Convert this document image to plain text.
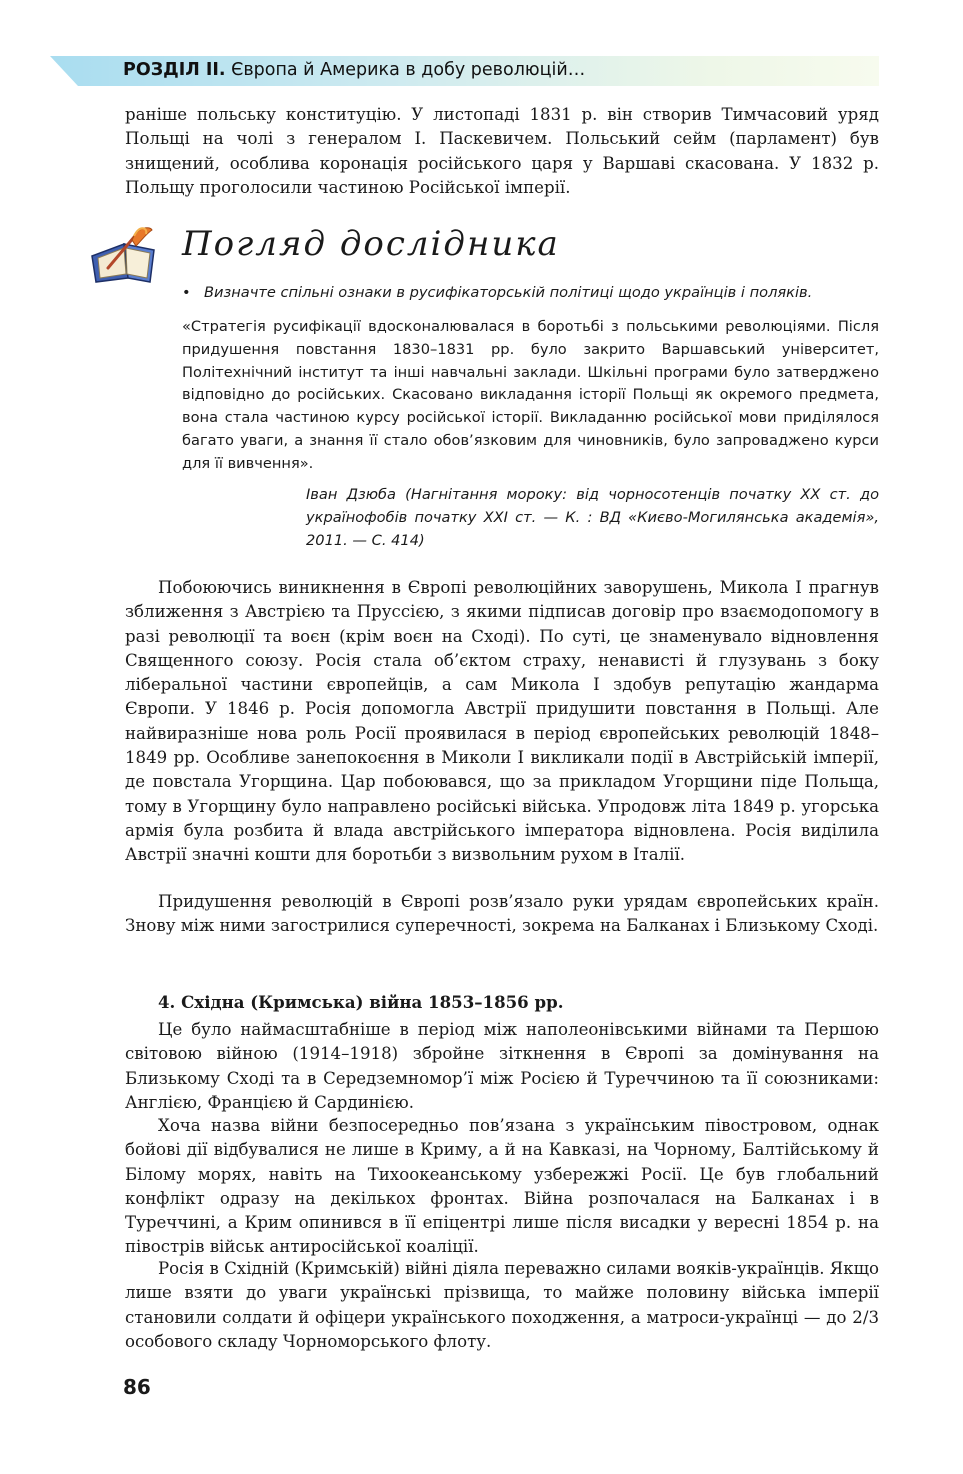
РОЗДІЛ ІІ. Європа й Америка в добу революцій…

раніше польську конституцію. У листопаді 1831 р. він створив Тимчасовий уряд Польщі на чолі з генералом І. Паскевичем. Польський сейм (парламент) був знищений, особлива коронація російського царя у Варшаві скасована. У 1832 р. Польщу проголосили частиною Російської імперії.

Погляд дослідника
• Визначте спільні ознаки в русифікаторській політиці щодо українців і поляків.

«Стратегія русифікації вдосконалювалася в боротьбі з польськими революціями. Після придушення повстання 1830–1831 рр. було закрито Варшавський університет, Політехнічний інститут та інші навчальні заклади. Шкільні програми було затверджено відповідно до російських. Скасовано викладання історії Польщі як окремого предмета, вона стала частиною курсу російської історії. Викладанню російської мови приділялося багато уваги, а знання її стало обов’язковим для чиновників, було запроваджено курси для її вивчення».

Іван Дзюба (Нагнітання мороку: від чорносотенців початку ХХ ст. до українофобів початку ХХІ ст. — К. : ВД «Києво-Могилянська академія», 2011. — С. 414)

Побоюючись виникнення в Європі революційних заворушень, Микола І прагнув зближення з Австрією та Пруссією, з якими підписав договір про взаємодопомогу в разі революції та воєн (крім воєн на Сході). По суті, це знаменувало відновлення Священного союзу. Росія стала об’єктом страху, ненависті й глузувань з боку ліберальної частини європейців, а сам Микола І здобув репутацію жандарма Європи. У 1846 р. Росія допомогла Австрії придушити повстання в Польщі. Але найвиразніше нова роль Росії проявилася в період європейських революцій 1848–1849 рр. Особливе занепокоєння в Миколи І викликали події в Австрійській імперії, де повстала Угорщина. Цар побоювався, що за прикладом Угорщини піде Польща, тому в Угорщину було направлено російські війська. Упродовж літа 1849 р. угорська армія була розбита й влада австрійського імператора відновлена. Росія виділила Австрії значні кошти для боротьби з визвольним рухом в Італії.

Придушення революцій в Європі розв’язало руки урядам європейських країн. Знову між ними загострилися суперечності, зокрема на Балканах і Близькому Сході.

4. Східна (Кримська) війна 1853–1856 рр.

Це було наймасштабніше в період між наполеонівськими війнами та Першою світовою війною (1914–1918) збройне зіткнення в Європі за домінування на Близькому Сході та в Середземномор’ї між Росією й Туреччиною та її союзниками: Англією, Францією й Сардинією.

Хоча назва війни безпосередньо пов’язана з українським півостровом, однак бойові дії відбувалися не лише в Криму, а й на Кавказі, на Чорному, Балтійському й Білому морях, навіть на Тихоокеанському узбережжі Росії. Це був глобальний конфлікт одразу на декількох фронтах. Війна розпочалася на Балканах і в Туреччині, а Крим опинився в її епіцентрі лише після висадки у вересні 1854 р. на півострів військ антиросійської коаліції.

Росія в Східній (Кримській) війні діяла переважно силами вояків-українців. Якщо лише взяти до уваги українські прізвища, то майже половину війська імперії становили солдати й офіцери українського походження, а матроси-українці — до 2/3 особового складу Чорноморського флоту.

86
